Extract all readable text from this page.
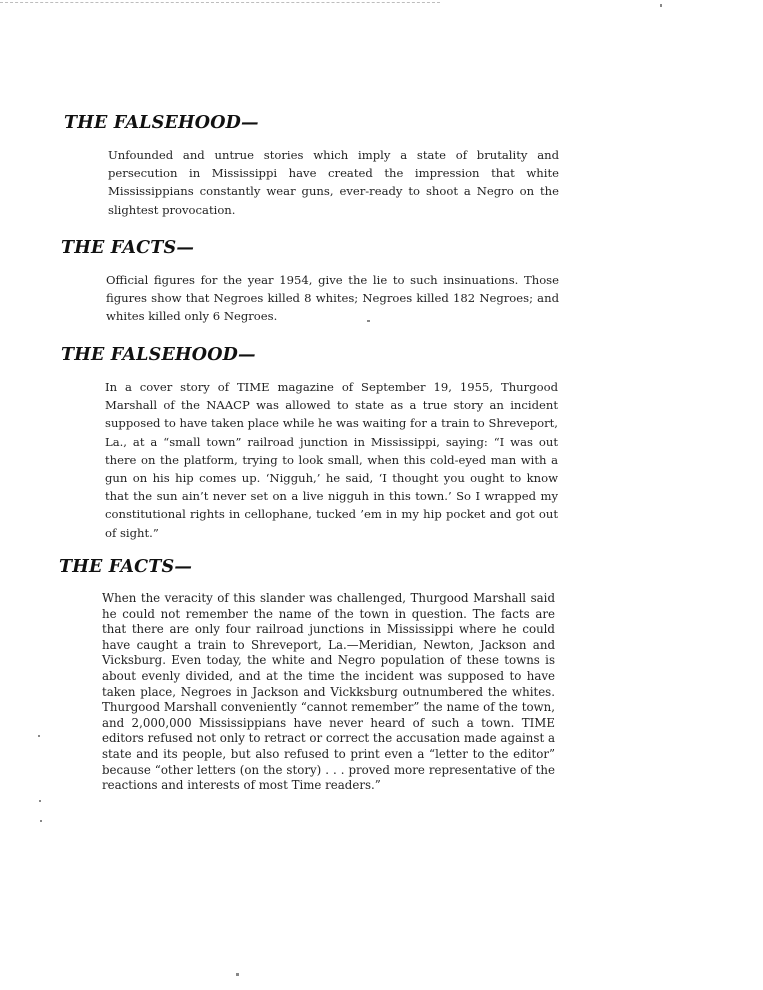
THE FALSEHOOD—

Unfounded and untrue stories which imply a state of brutality and persecution in Mississippi have created the impression that white Mississippians constantly wear guns, ever-ready to shoot a Negro on the slightest provocation.

THE FACTS—

Official figures for the year 1954, give the lie to such insinuations. Those figures show that Negroes killed 8 whites; Negroes killed 182 Negroes; and whites killed only 6 Negroes.

THE FALSEHOOD—

In a cover story of TIME magazine of September 19, 1955, Thurgood Marshall of the NAACP was allowed to state as a true story an incident supposed to have taken place while he was waiting for a train to Shreveport, La., at a “small town” railroad junction in Mississippi, saying: “I was out there on the platform, trying to look small, when this cold-eyed man with a gun on his hip comes up. ‘Nigguh,’ he said, ‘I thought you ought to know that the sun ain’t never set on a live nigguh in this town.’ So I wrapped my constitutional rights in cellophane, tucked ’em in my hip pocket and got out of sight.”

THE FACTS—

When the veracity of this slander was challenged, Thurgood Marshall said he could not remember the name of the town in question. The facts are that there are only four railroad junctions in Mississippi where he could have caught a train to Shreveport, La.—Meridian, Newton, Jackson and Vicksburg. Even today, the white and Negro population of these towns is about evenly divided, and at the time the incident was supposed to have taken place, Negroes in Jackson and Vickksburg outnumbered the whites. Thurgood Marshall conveniently “cannot remember” the name of the town, and 2,000,000 Mississippians have never heard of such a town. TIME editors refused not only to retract or correct the accusation made against a state and its people, but also refused to print even a “letter to the editor” because “other letters (on the story) . . . proved more representative of the reactions and interests of most Time readers.”
